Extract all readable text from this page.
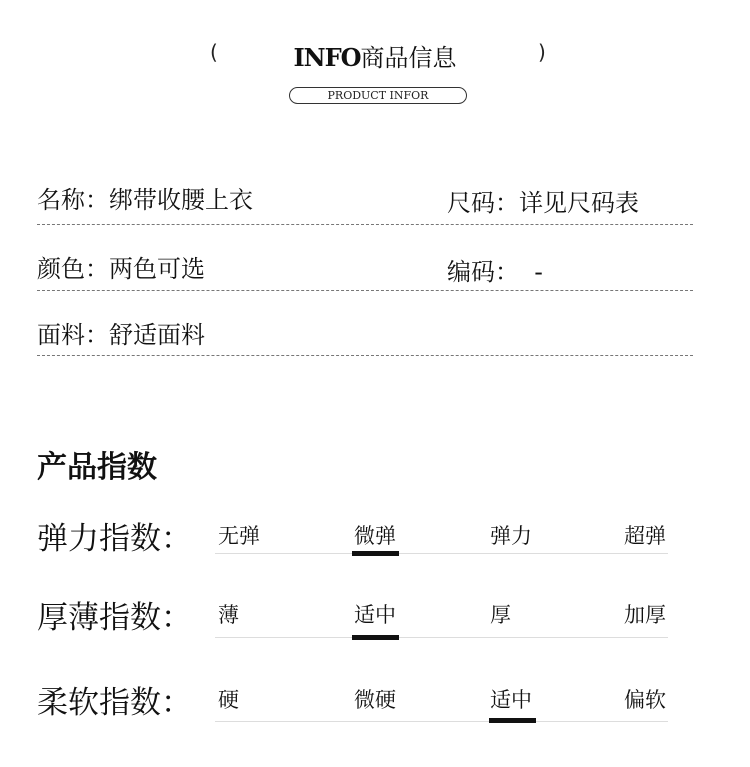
(	INFO商品信息	)
PRODUCT INFOR
名称：绑带收腰上衣	尺码：详见尺码表
颜色：两色可选	编码：  -
面料：舒适面料
产品指数
弹力指数： 无弹	微弹	弹力	超弹
厚薄指数： 薄	适中	厚	加厚
柔软指数： 硬	微硬	适中	偏软
